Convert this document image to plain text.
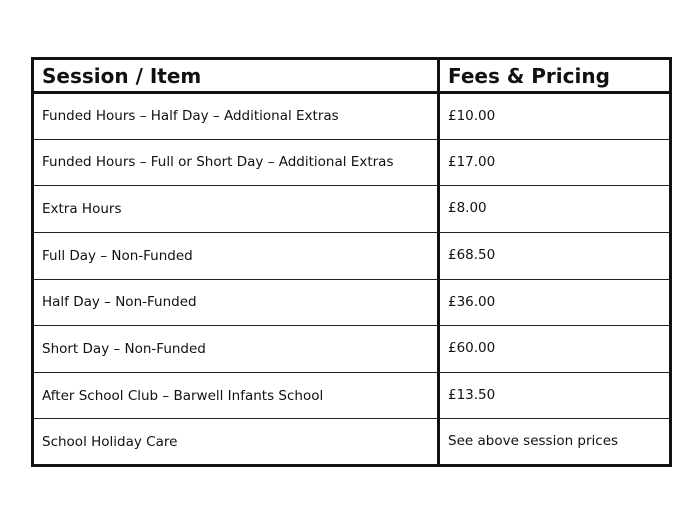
Session / Item	Fees & Pricing
Funded Hours – Half Day – Additional Extras	£10.00
Funded Hours – Full or Short Day – Additional Extras	£17.00
Extra Hours	£8.00
Full Day – Non-Funded	£68.50
Half Day – Non-Funded	£36.00
Short Day – Non-Funded	£60.00
After School Club – Barwell Infants School	£13.50
School Holiday Care	See above session prices
